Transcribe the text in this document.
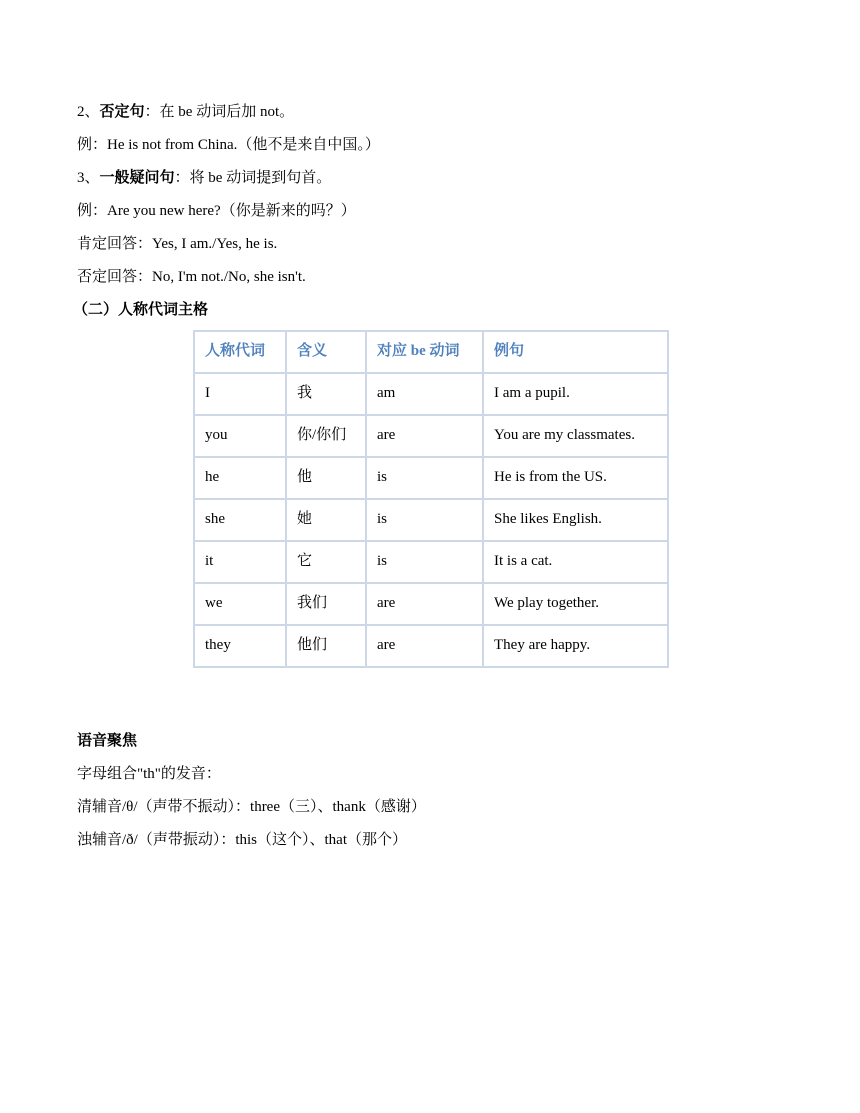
2、否定句：在 be 动词后加 not。
例：He is not from China.（他不是来自中国。）
3、一般疑问句：将 be 动词提到句首。
例：Are you new here?（你是新来的吗？）
肯定回答：Yes, I am./Yes, he is.
否定回答：No, I'm not./No, she isn't.
（二）人称代词主格
人称代词	含义	对应 be 动词	例句
I	我	am	I am a pupil.
you	你/你们	are	You are my classmates.
he	他	is	He is from the US.
she	她	is	She likes English.
it	它	is	It is a cat.
we	我们	are	We play together.
they	他们	are	They are happy.
语音聚焦
字母组合"th"的发音：
清辅音/θ/（声带不振动）：three（三）、thank（感谢）
浊辅音/ð/（声带振动）：this（这个）、that（那个）
